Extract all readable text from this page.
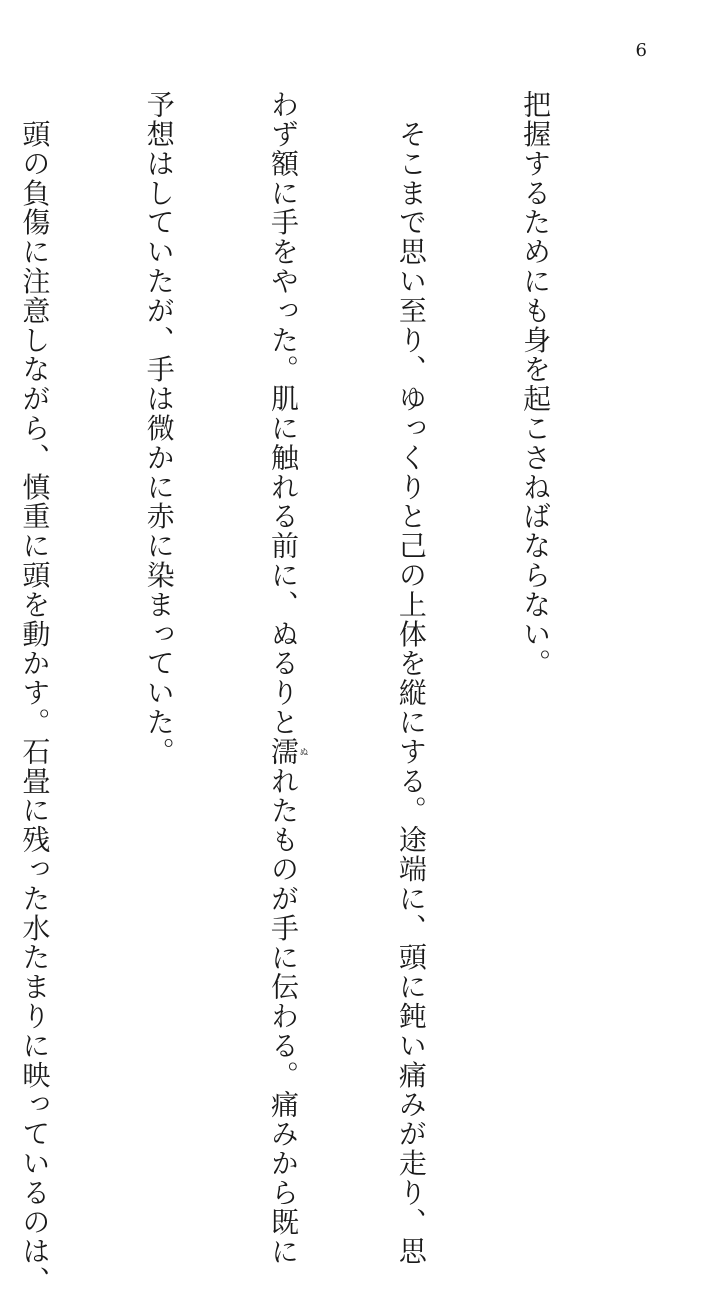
6

把握するためにも身を起こさねばならない。

　そこまで思い至り、ゆっくりと己の上体を縦にする。途端に、頭に鈍い痛みが走り、思

わず額に手をやった。肌に触れる前に、ぬるりと濡ぬれたものが手に伝わる。痛みから既に

予想はしていたが、手は微かに赤に染まっていた。

　頭の負傷に注意しながら、慎重に頭を動かす。石畳に残った水たまりに映っているのは、
